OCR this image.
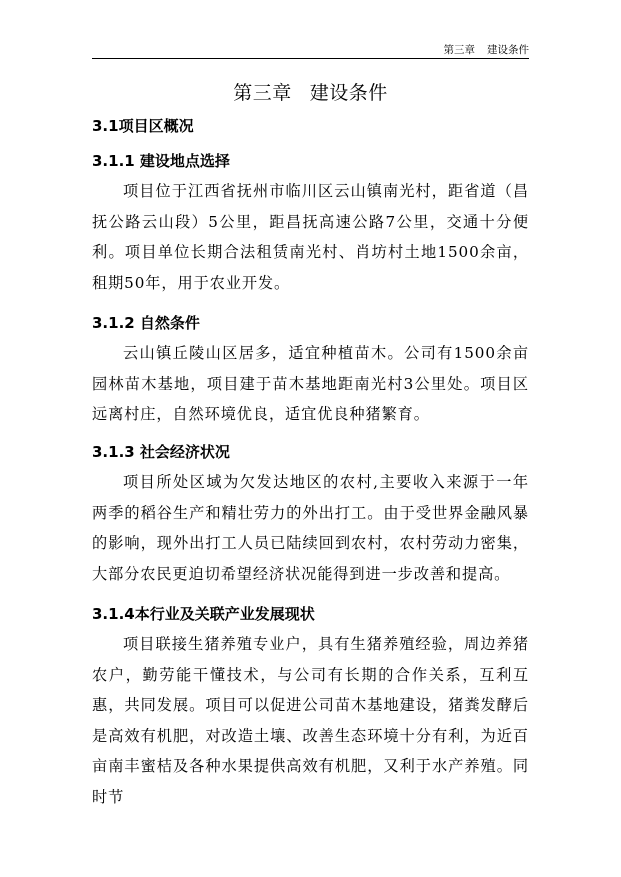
第三章 建设条件
第三章 建设条件
3.1项目区概况
3.1.1 建设地点选择

项目位于江西省抚州市临川区云山镇南光村，距省道（昌抚公路云山段）5公里，距昌抚高速公路7公里，交通十分便利。项目单位长期合法租赁南光村、肖坊村土地1500余亩，租期50年，用于农业开发。

3.1.2 自然条件

云山镇丘陵山区居多，适宜种植苗木。公司有1500余亩园林苗木基地，项目建于苗木基地距南光村3公里处。项目区远离村庄，自然环境优良，适宜优良种猪繁育。

3.1.3 社会经济状况

项目所处区域为欠发达地区的农村,主要收入来源于一年两季的稻谷生产和精壮劳力的外出打工。由于受世界金融风暴的影响，现外出打工人员已陆续回到农村，农村劳动力密集，大部分农民更迫切希望经济状况能得到进一步改善和提高。

3.1.4本行业及关联产业发展现状

项目联接生猪养殖专业户，具有生猪养殖经验，周边养猪农户，勤劳能干懂技术，与公司有长期的合作关系，互利互惠，共同发展。项目可以促进公司苗木基地建设，猪粪发酵后是高效有机肥，对改造土壤、改善生态环境十分有利，为近百亩南丰蜜桔及各种水果提供高效有机肥，又利于水产养殖。同时节
